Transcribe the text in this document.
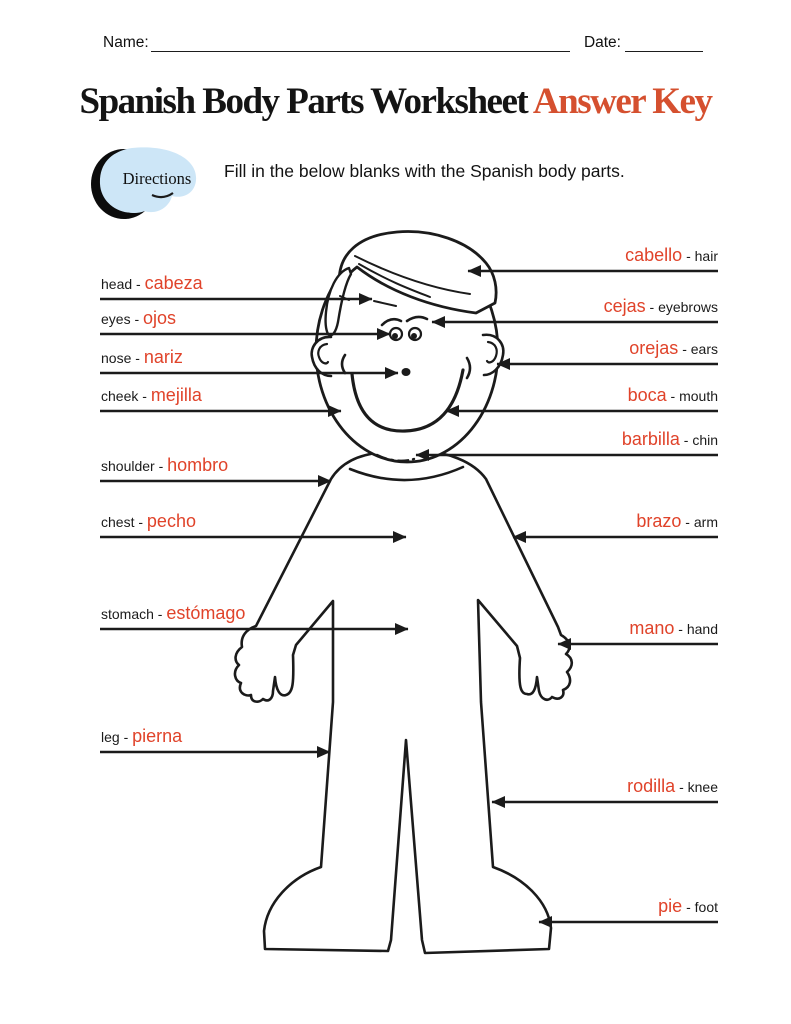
Name:	Date:
Spanish Body Parts Worksheet Answer Key
Directions	Fill in the below blanks with the Spanish body parts.
head - cabeza
eyes - ojos
nose - nariz
cheek - mejilla
shoulder - hombro
chest - pecho
stomach - estómago
leg - pierna
cabello - hair
cejas - eyebrows
orejas - ears
boca - mouth
barbilla - chin
brazo - arm
mano - hand
rodilla - knee
pie - foot
